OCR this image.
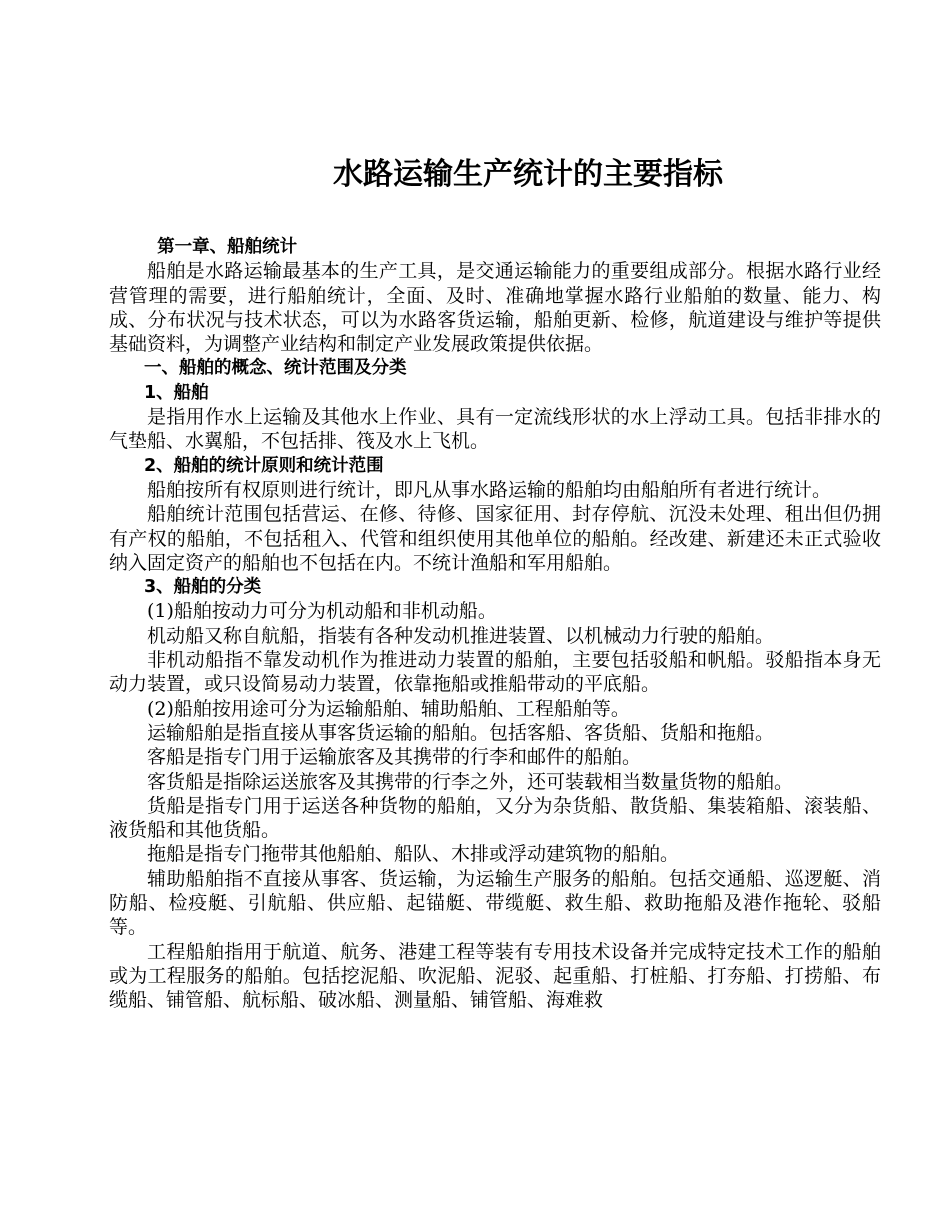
水路运输生产统计的主要指标

第一章、船舶统计

船舶是水路运输最基本的生产工具，是交通运输能力的重要组成部分。根据水路行业经营管理的需要，进行船舶统计，全面、及时、准确地掌握水路行业船舶的数量、能力、构成、分布状况与技术状态，可以为水路客货运输，船舶更新、检修，航道建设与维护等提供基础资料，为调整产业结构和制定产业发展政策提供依据。

一、船舶的概念、统计范围及分类

1、船舶

是指用作水上运输及其他水上作业、具有一定流线形状的水上浮动工具。包括非排水的气垫船、水翼船，不包括排、筏及水上飞机。

2、船舶的统计原则和统计范围

船舶按所有权原则进行统计，即凡从事水路运输的船舶均由船舶所有者进行统计。

船舶统计范围包括营运、在修、待修、国家征用、封存停航、沉没未处理、租出但仍拥有产权的船舶，不包括租入、代管和组织使用其他单位的船舶。经改建、新建还未正式验收纳入固定资产的船舶也不包括在内。不统计渔船和军用船舶。

3、船舶的分类

(1)船舶按动力可分为机动船和非机动船。

机动船又称自航船，指装有各种发动机推进装置、以机械动力行驶的船舶。

非机动船指不靠发动机作为推进动力装置的船舶，主要包括驳船和帆船。驳船指本身无动力装置，或只设简易动力装置，依靠拖船或推船带动的平底船。

(2)船舶按用途可分为运输船舶、辅助船舶、工程船舶等。

运输船舶是指直接从事客货运输的船舶。包括客船、客货船、货船和拖船。

客船是指专门用于运输旅客及其携带的行李和邮件的船舶。

客货船是指除运送旅客及其携带的行李之外，还可装载相当数量货物的船舶。

货船是指专门用于运送各种货物的船舶，又分为杂货船、散货船、集装箱船、滚装船、液货船和其他货船。

拖船是指专门拖带其他船舶、船队、木排或浮动建筑物的船舶。

辅助船舶指不直接从事客、货运输，为运输生产服务的船舶。包括交通船、巡逻艇、消防船、检疫艇、引航船、供应船、起锚艇、带缆艇、救生船、救助拖船及港作拖轮、驳船等。

工程船舶指用于航道、航务、港建工程等装有专用技术设备并完成特定技术工作的船舶或为工程服务的船舶。包括挖泥船、吹泥船、泥驳、起重船、打桩船、打夯船、打捞船、布缆船、铺管船、航标船、破冰船、测量船、铺管船、海难救
